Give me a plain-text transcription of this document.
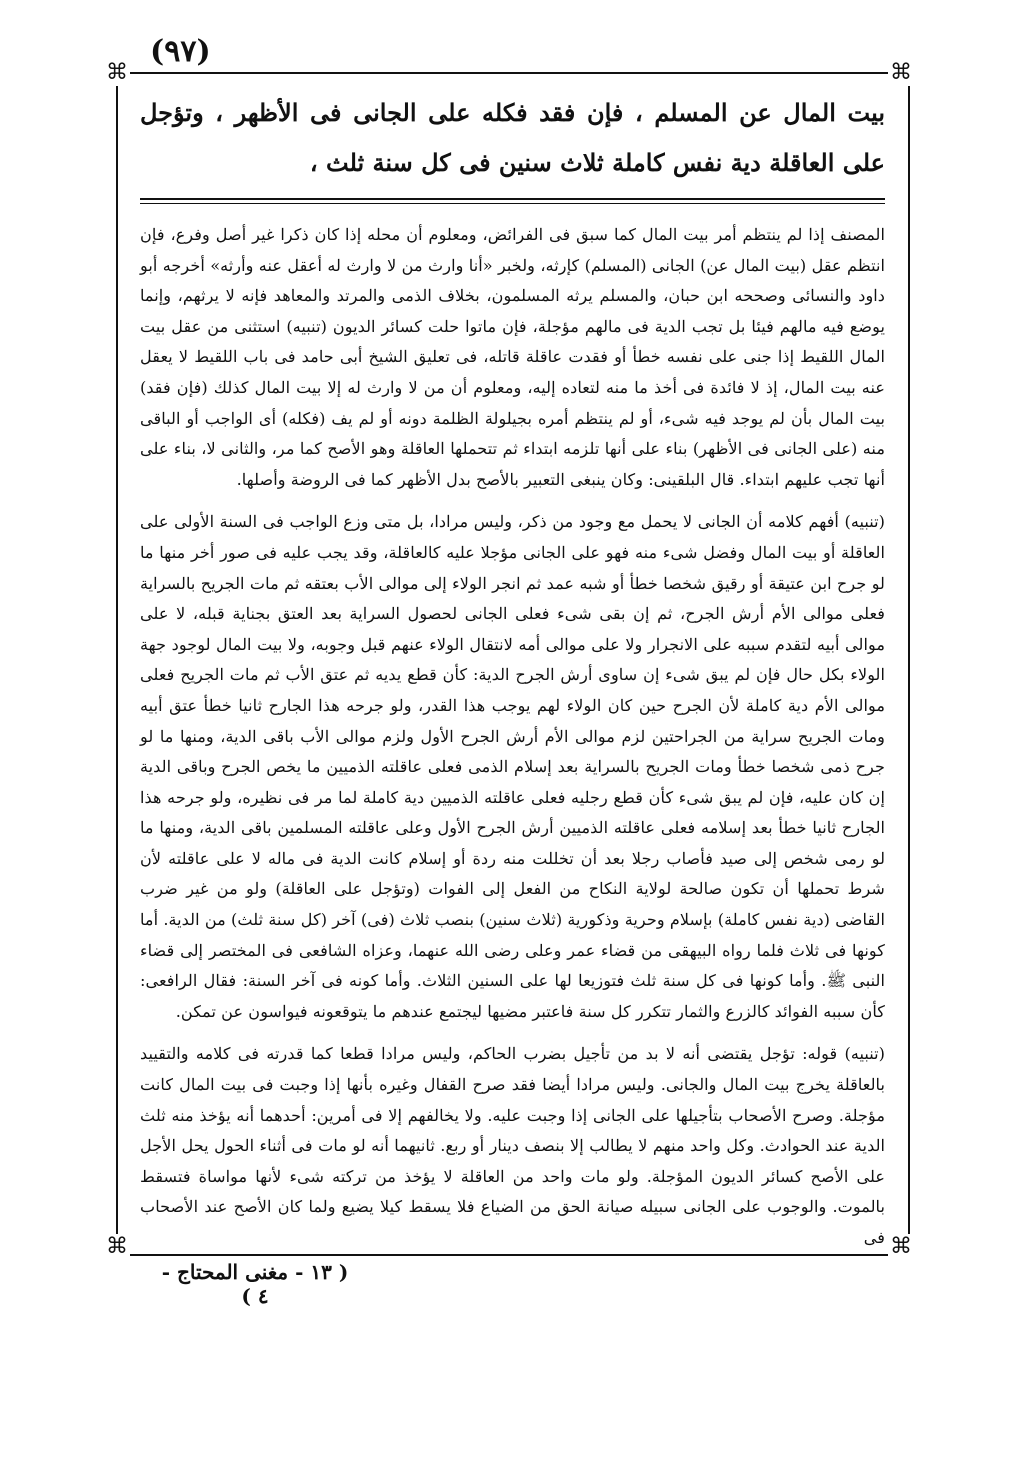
(٩٧)
⌘	⌘
⌘	⌘

بيت المال عن المسلم ، فإن فقد فكله على الجانى فى الأظهر ، وتؤجل على العاقلة دية نفس كاملة ثلاث سنين فى كل سنة ثلث ،

المصنف إذا لم ينتظم أمر بيت المال كما سبق فى الفرائض، ومعلوم أن محله إذا كان ذكرا غير أصل وفرع، فإن انتظم عقل (بيت المال عن) الجانى (المسلم) كإرثه، ولخبر «أنا وارث من لا وارث له أعقل عنه وأرثه» أخرجه أبو داود والنسائى وصححه ابن حبان، والمسلم يرثه المسلمون، بخلاف الذمى والمرتد والمعاهد فإنه لا يرثهم، وإنما يوضع فيه مالهم فيئا بل تجب الدية فى مالهم مؤجلة، فإن ماتوا حلت كسائر الديون (تنبيه) استثنى من عقل بيت المال اللقيط إذا جنى على نفسه خطأ أو فقدت عاقلة قاتله، فى تعليق الشيخ أبى حامد فى باب اللقيط لا يعقل عنه بيت المال، إذ لا فائدة فى أخذ ما منه لتعاده إليه، ومعلوم أن من لا وارث له إلا بيت المال كذلك (فإن فقد) بيت المال بأن لم يوجد فيه شىء، أو لم ينتظم أمره بجيلولة الظلمة دونه أو لم يف (فكله) أى الواجب أو الباقى منه (على الجانى فى الأظهر) بناء على أنها تلزمه ابتداء ثم تتحملها العاقلة وهو الأصح كما مر، والثانى لا، بناء على أنها تجب عليهم ابتداء. قال البلقينى: وكان ينبغى التعبير بالأصح بدل الأظهر كما فى الروضة وأصلها.

(تنبيه) أفهم كلامه أن الجانى لا يحمل مع وجود من ذكر، وليس مرادا، بل متى وزع الواجب فى السنة الأولى على العاقلة أو بيت المال وفضل شىء منه فهو على الجانى مؤجلا عليه كالعاقلة، وقد يجب عليه فى صور أخر منها ما لو جرح ابن عتيقة أو رقيق شخصا خطأ أو شبه عمد ثم انجر الولاء إلى موالى الأب بعتقه ثم مات الجريح بالسراية فعلى موالى الأم أرش الجرح، ثم إن بقى شىء فعلى الجانى لحصول السراية بعد العتق بجناية قبله، لا على موالى أبيه لتقدم سببه على الانجرار ولا على موالى أمه لانتقال الولاء عنهم قبل وجوبه، ولا بيت المال لوجود جهة الولاء بكل حال فإن لم يبق شىء إن ساوى أرش الجرح الدية: كأن قطع يديه ثم عتق الأب ثم مات الجريح فعلى موالى الأم دية كاملة لأن الجرح حين كان الولاء لهم يوجب هذا القدر، ولو جرحه هذا الجارح ثانيا خطأ عتق أبيه ومات الجريح سراية من الجراحتين لزم موالى الأم أرش الجرح الأول ولزم موالى الأب باقى الدية، ومنها ما لو جرح ذمى شخصا خطأ ومات الجريح بالسراية بعد إسلام الذمى فعلى عاقلته الذميين ما يخص الجرح وباقى الدية إن كان عليه، فإن لم يبق شىء كأن قطع رجليه فعلى عاقلته الذميين دية كاملة لما مر فى نظيره، ولو جرحه هذا الجارح ثانيا خطأ بعد إسلامه فعلى عاقلته الذميين أرش الجرح الأول وعلى عاقلته المسلمين باقى الدية، ومنها ما لو رمى شخص إلى صيد فأصاب رجلا بعد أن تخللت منه ردة أو إسلام كانت الدية فى ماله لا على عاقلته لأن شرط تحملها أن تكون صالحة لولاية النكاح من الفعل إلى الفوات (وتؤجل على العاقلة) ولو من غير ضرب القاضى (دية نفس كاملة) بإسلام وحرية وذكورية (ثلاث سنين) بنصب ثلاث (فى) آخر (كل سنة ثلث) من الدية. أما كونها فى ثلاث فلما رواه البيهقى من قضاء عمر وعلى رضى الله عنهما، وعزاه الشافعى فى المختصر إلى قضاء النبى ﷺ. وأما كونها فى كل سنة ثلث فتوزيعا لها على السنين الثلاث. وأما كونه فى آخر السنة: فقال الرافعى: كأن سببه الفوائد كالزرع والثمار تتكرر كل سنة فاعتبر مضيها ليجتمع عندهم ما يتوقعونه فيواسون عن تمكن.

(تنبيه) قوله: تؤجل يقتضى أنه لا بد من تأجيل بضرب الحاكم، وليس مرادا قطعا كما قدرته فى كلامه والتقييد بالعاقلة يخرج بيت المال والجانى. وليس مرادا أيضا فقد صرح القفال وغيره بأنها إذا وجبت فى بيت المال كانت مؤجلة. وصرح الأصحاب بتأجيلها على الجانى إذا وجبت عليه. ولا يخالفهم إلا فى أمرين: أحدهما أنه يؤخذ منه ثلث الدية عند الحوادث. وكل واحد منهم لا يطالب إلا بنصف دينار أو ربع. ثانيهما أنه لو مات فى أثناء الحول يحل الأجل على الأصح كسائر الديون المؤجلة. ولو مات واحد من العاقلة لا يؤخذ من تركته شىء لأنها مواساة فتسقط بالموت. والوجوب على الجانى سبيله صيانة الحق من الضياع فلا يسقط كيلا يضيع ولما كان الأصح عند الأصحاب فى

( ١٣ - مغنى المحتاج - ٤ )
